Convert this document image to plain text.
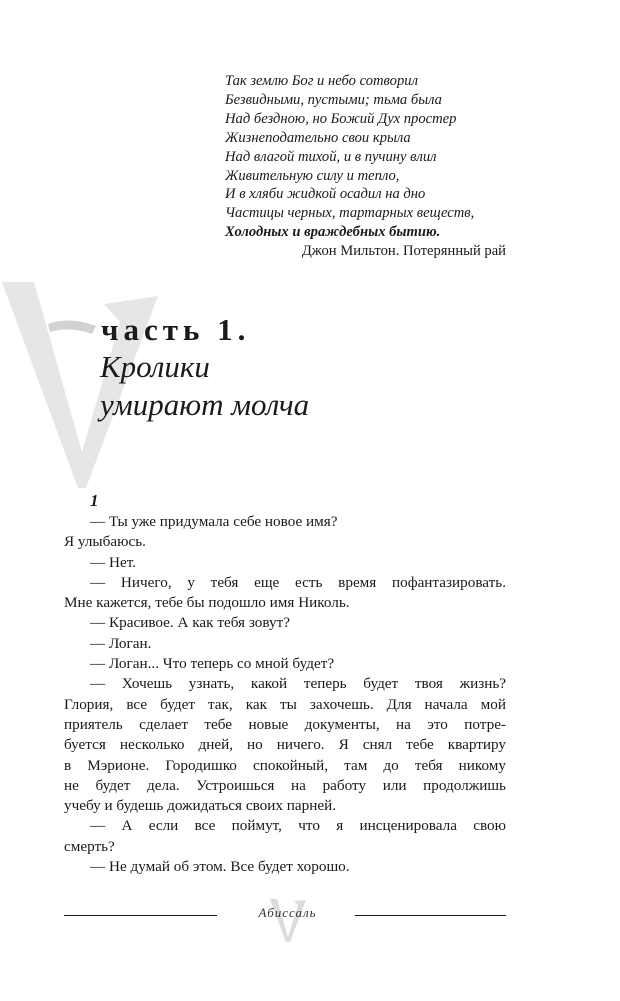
Так землю Бог и небо сотворил
Безвидными, пустыми; тьма была
Над бездною, но Божий Дух простер
Жизнеподательно свои крыла
Над влагой тихой, и в пучину влил
Живительную силу и тепло,
И в хляби жидкой осадил на дно
Частицы черных, тартарных веществ,
Холодных и враждебных бытию.
Джон Мильтон. Потерянный рай
часть 1.
Кролики
умирают молча
1
— Ты уже придумала себе новое имя?
Я улыбаюсь.
— Нет.
— Ничего, у тебя еще есть время пофантазировать.
Мне кажется, тебе бы подошло имя Николь.
— Красивое. А как тебя зовут?
— Логан.
— Логан... Что теперь со мной будет?
— Хочешь узнать, какой теперь будет твоя жизнь?
Глория, все будет так, как ты захочешь. Для начала мой
приятель сделает тебе новые документы, на это потре-
буется несколько дней, но ничего. Я снял тебе квартиру
в Мэрионе. Городишко спокойный, там до тебя никому
не будет дела. Устроишься на работу или продолжишь
учебу и будешь дожидаться своих парней.
— А если все поймут, что я инсценировала свою
смерть?
— Не думай об этом. Все будет хорошо.
Абиссаль
